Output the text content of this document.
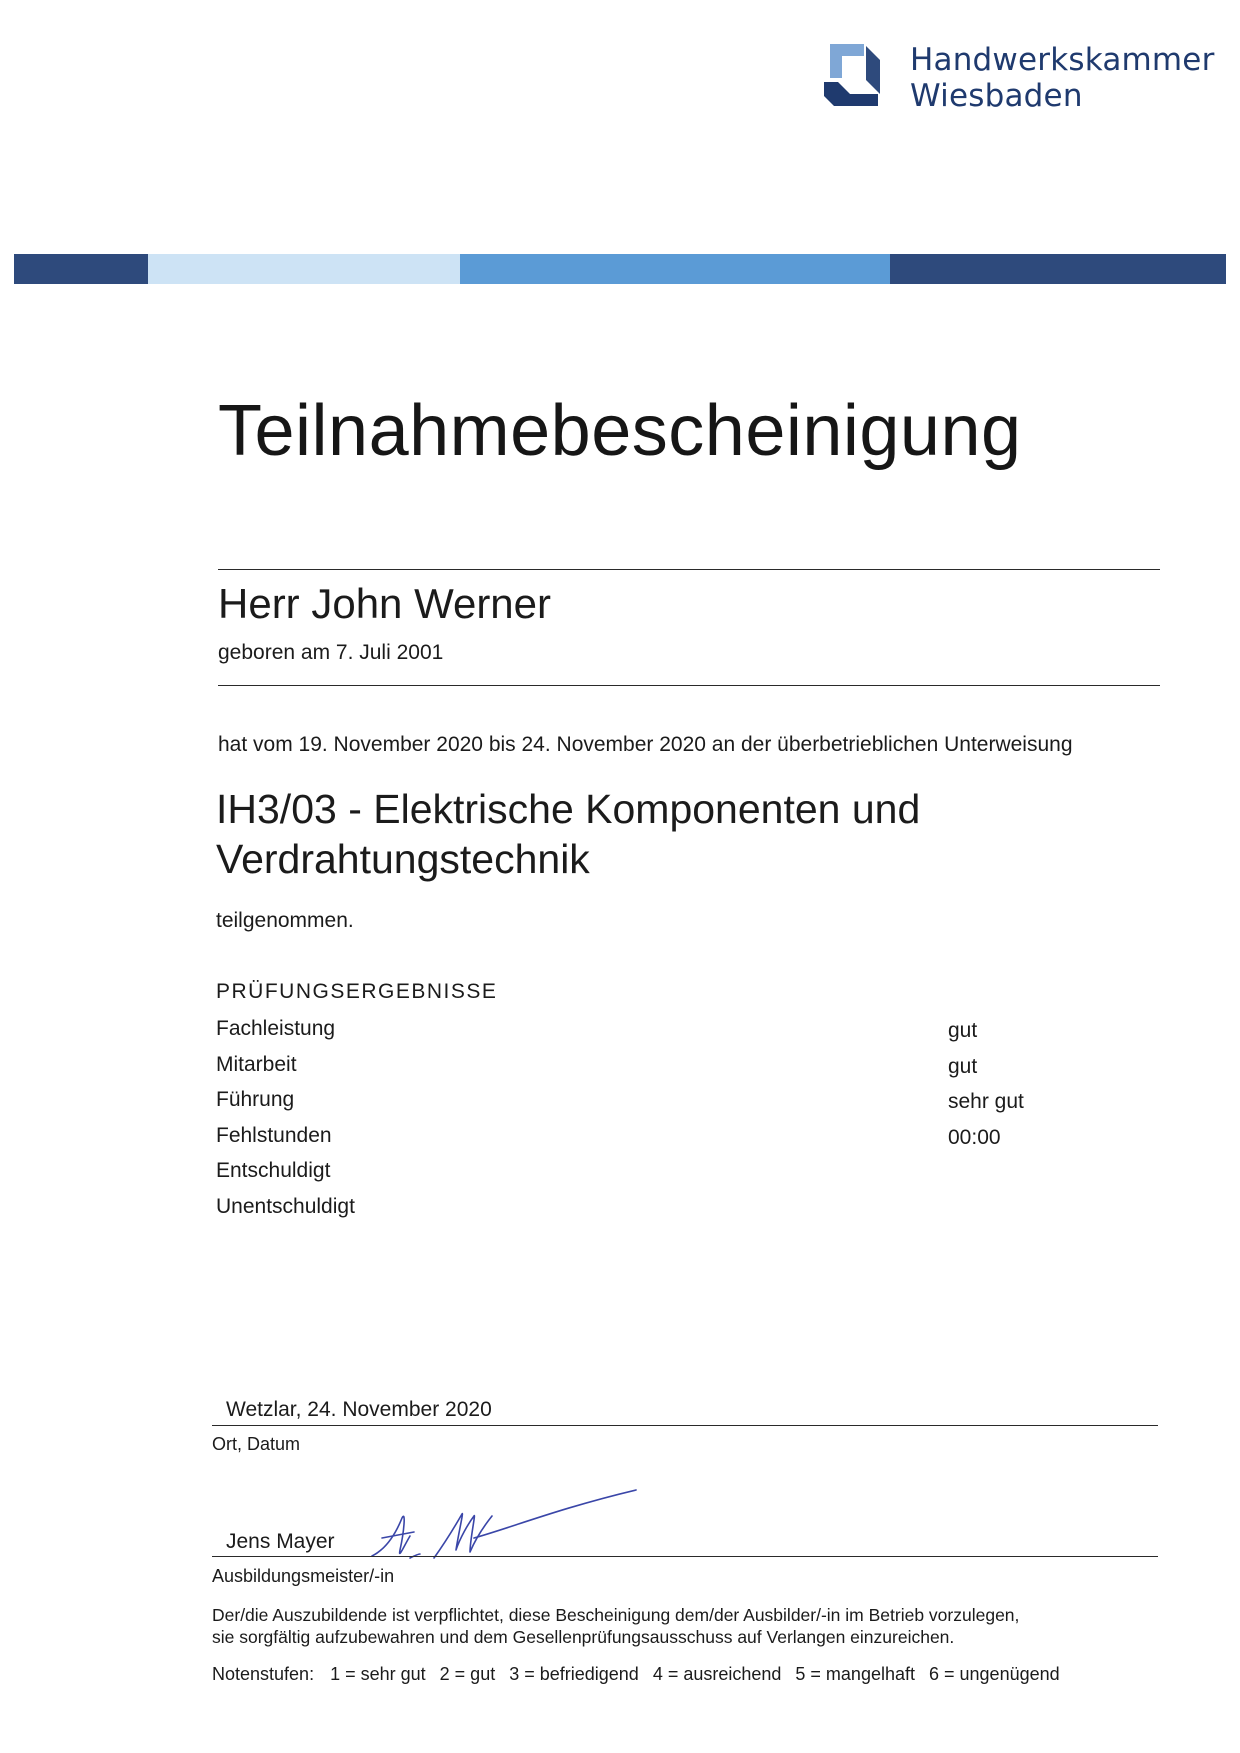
Handwerkskammer
Wiesbaden
Teilnahmebescheinigung
Herr John Werner
geboren am 7. Juli 2001
hat vom 19. November 2020 bis 24. November 2020 an der überbetrieblichen Unterweisung
IH3/03 - Elektrische Komponenten und
Verdrahtungstechnik
teilgenommen.
PRÜFUNGSERGEBNISSE
Fachleistung	gut
Mitarbeit	gut
Führung	sehr gut
Fehlstunden	00:00
Entschuldigt
Unentschuldigt
Wetzlar, 24. November 2020
Ort, Datum
Jens Mayer
Ausbildungsmeister/-in
Der/die Auszubildende ist verpflichtet, diese Bescheinigung dem/der Ausbilder/-in im Betrieb vorzulegen,
sie sorgfältig aufzubewahren und dem Gesellenprüfungsausschuss auf Verlangen einzureichen.
Notenstufen: 1 = sehr gut 2 = gut 3 = befriedigend 4 = ausreichend 5 = mangelhaft 6 = ungenügend
